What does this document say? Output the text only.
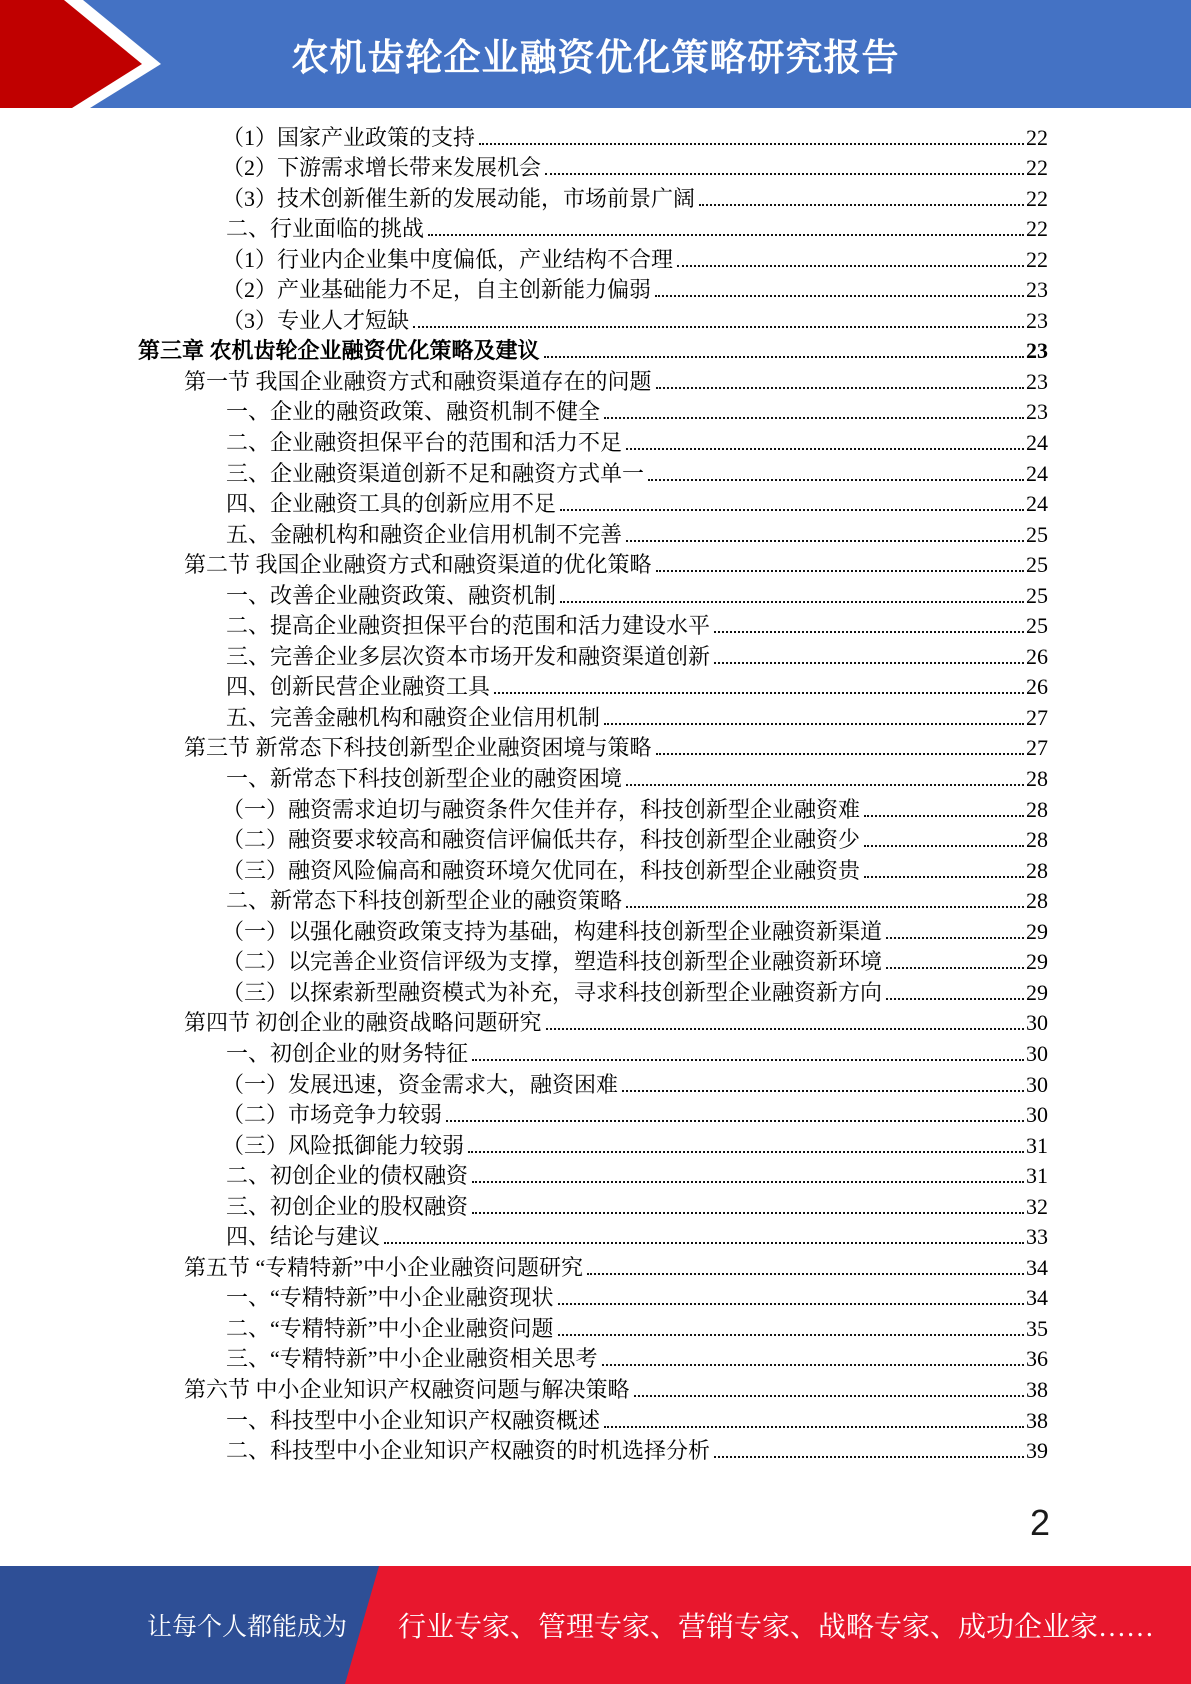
农机齿轮企业融资优化策略研究报告
（1）国家产业政策的支持	22
（2）下游需求增长带来发展机会	22
（3）技术创新催生新的发展动能，市场前景广阔	22
二、行业面临的挑战	22
（1）行业内企业集中度偏低，产业结构不合理	22
（2）产业基础能力不足，自主创新能力偏弱	23
（3）专业人才短缺	23
第三章 农机齿轮企业融资优化策略及建议	23
第一节 我国企业融资方式和融资渠道存在的问题	23
一、企业的融资政策、融资机制不健全	23
二、企业融资担保平台的范围和活力不足	24
三、企业融资渠道创新不足和融资方式单一	24
四、企业融资工具的创新应用不足	24
五、金融机构和融资企业信用机制不完善	25
第二节 我国企业融资方式和融资渠道的优化策略	25
一、改善企业融资政策、融资机制	25
二、提高企业融资担保平台的范围和活力建设水平	25
三、完善企业多层次资本市场开发和融资渠道创新	26
四、创新民营企业融资工具	26
五、完善金融机构和融资企业信用机制	27
第三节 新常态下科技创新型企业融资困境与策略	27
一、新常态下科技创新型企业的融资困境	28
（一）融资需求迫切与融资条件欠佳并存，科技创新型企业融资难	28
（二）融资要求较高和融资信评偏低共存，科技创新型企业融资少	28
（三）融资风险偏高和融资环境欠优同在，科技创新型企业融资贵	28
二、新常态下科技创新型企业的融资策略	28
（一）以强化融资政策支持为基础，构建科技创新型企业融资新渠道	29
（二）以完善企业资信评级为支撑，塑造科技创新型企业融资新环境	29
（三）以探索新型融资模式为补充，寻求科技创新型企业融资新方向	29
第四节 初创企业的融资战略问题研究	30
一、初创企业的财务特征	30
（一）发展迅速，资金需求大，融资困难	30
（二）市场竞争力较弱	30
（三）风险抵御能力较弱	31
二、初创企业的债权融资	31
三、初创企业的股权融资	32
四、结论与建议	33
第五节 “专精特新”中小企业融资问题研究	34
一、“专精特新”中小企业融资现状	34
二、“专精特新”中小企业融资问题	35
三、“专精特新”中小企业融资相关思考	36
第六节 中小企业知识产权融资问题与解决策略	38
一、科技型中小企业知识产权融资概述	38
二、科技型中小企业知识产权融资的时机选择分析	39
2
让每个人都能成为 行业专家、管理专家、营销专家、战略专家、成功企业家……
